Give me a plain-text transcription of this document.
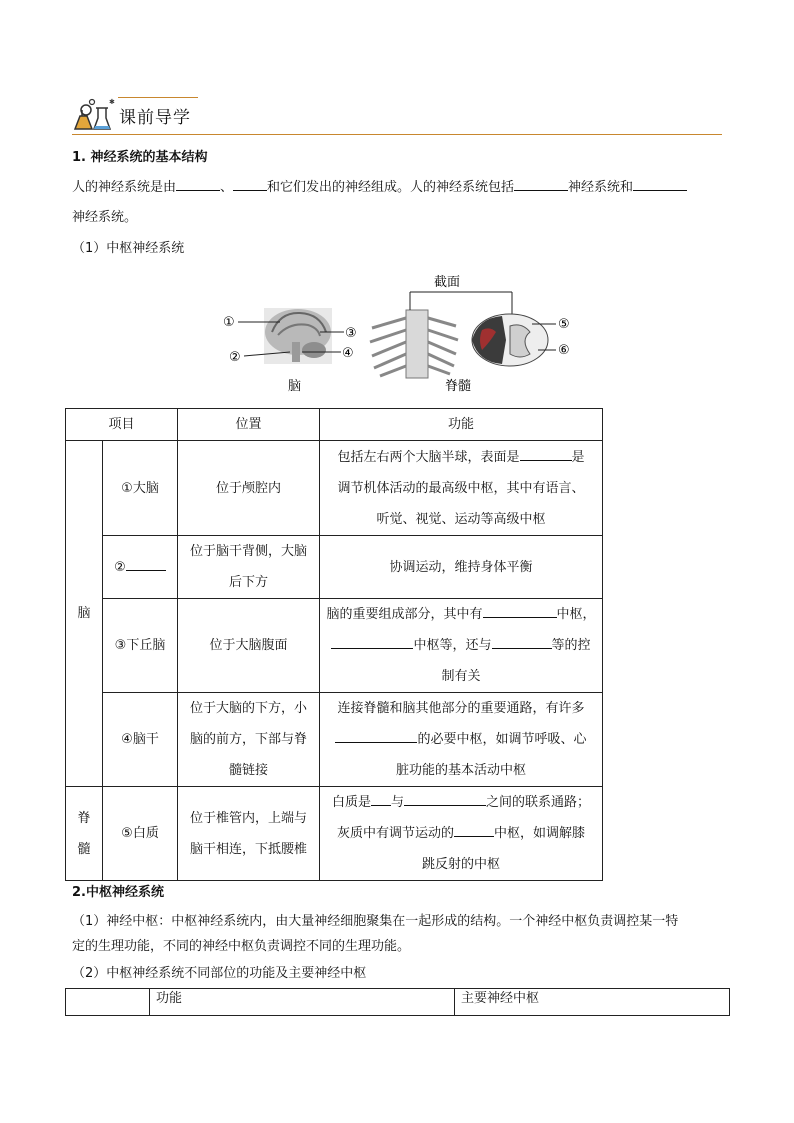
✱
课前导学
1. 神经系统的基本结构
人的神经系统是由	、	和它们发出的神经组成。人的神经系统包括	神经系统和
神经系统。
（1）中枢神经系统
①
②
③
④
脑
截面
脊髓
⑤
⑥
项目		位置	功能
脑	①大脑	位于颅腔内	包括左右两个大脑半球，表面是 是
调节机体活动的最高级中枢，其中有语言、
听觉、视觉、运动等高级中枢
	②	位于脑干背侧，大脑
后下方	协调运动，维持身体平衡
	③下丘脑	位于大脑腹面	脑的重要组成部分，其中有 中枢，
中枢等，还与 等的控
制有关
	④脑干	位于大脑的下方，小
脑的前方，下部与脊
髓链接	连接脊髓和脑其他部分的重要通路，有许多
的必要中枢，如调节呼吸、心
脏功能的基本活动中枢
脊
髓	⑤白质	位于椎管内，上端与
脑干相连，下抵腰椎	白质是 与 之间的联系通路；
灰质中有调节运动的 中枢，如调解膝
跳反射的中枢
2.中枢神经系统
（1）神经中枢：中枢神经系统内，由大量神经细胞聚集在一起形成的结构。一个神经中枢负责调控某一特
定的生理功能，不同的神经中枢负责调控不同的生理功能。
（2）中枢神经系统不同部位的功能及主要神经中枢
	功能	主要神经中枢
